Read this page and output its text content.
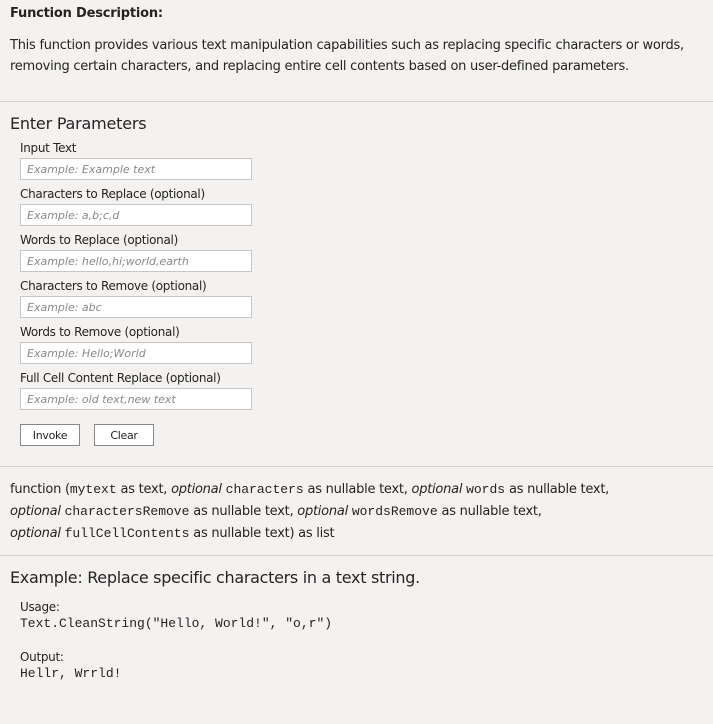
Function Description:
This function provides various text manipulation capabilities such as replacing specific characters or words, removing certain characters, and replacing entire cell contents based on user-defined parameters.
Enter Parameters
Input Text
Example: Example text
Characters to Replace (optional)
Example: a,b;c,d
Words to Replace (optional)
Example: hello,hi;world,earth
Characters to Remove (optional)
Example: abc
Words to Remove (optional)
Example: Hello;World
Full Cell Content Replace (optional)
Example: old text,new text
Invoke	Clear
function (mytext as text, optional characters as nullable text, optional words as nullable text,
optional charactersRemove as nullable text, optional wordsRemove as nullable text,
optional fullCellContents as nullable text) as list
Example: Replace specific characters in a text string.
Usage:
Text.CleanString("Hello, World!", "o,r")
Output:
Hellr, Wrrld!
